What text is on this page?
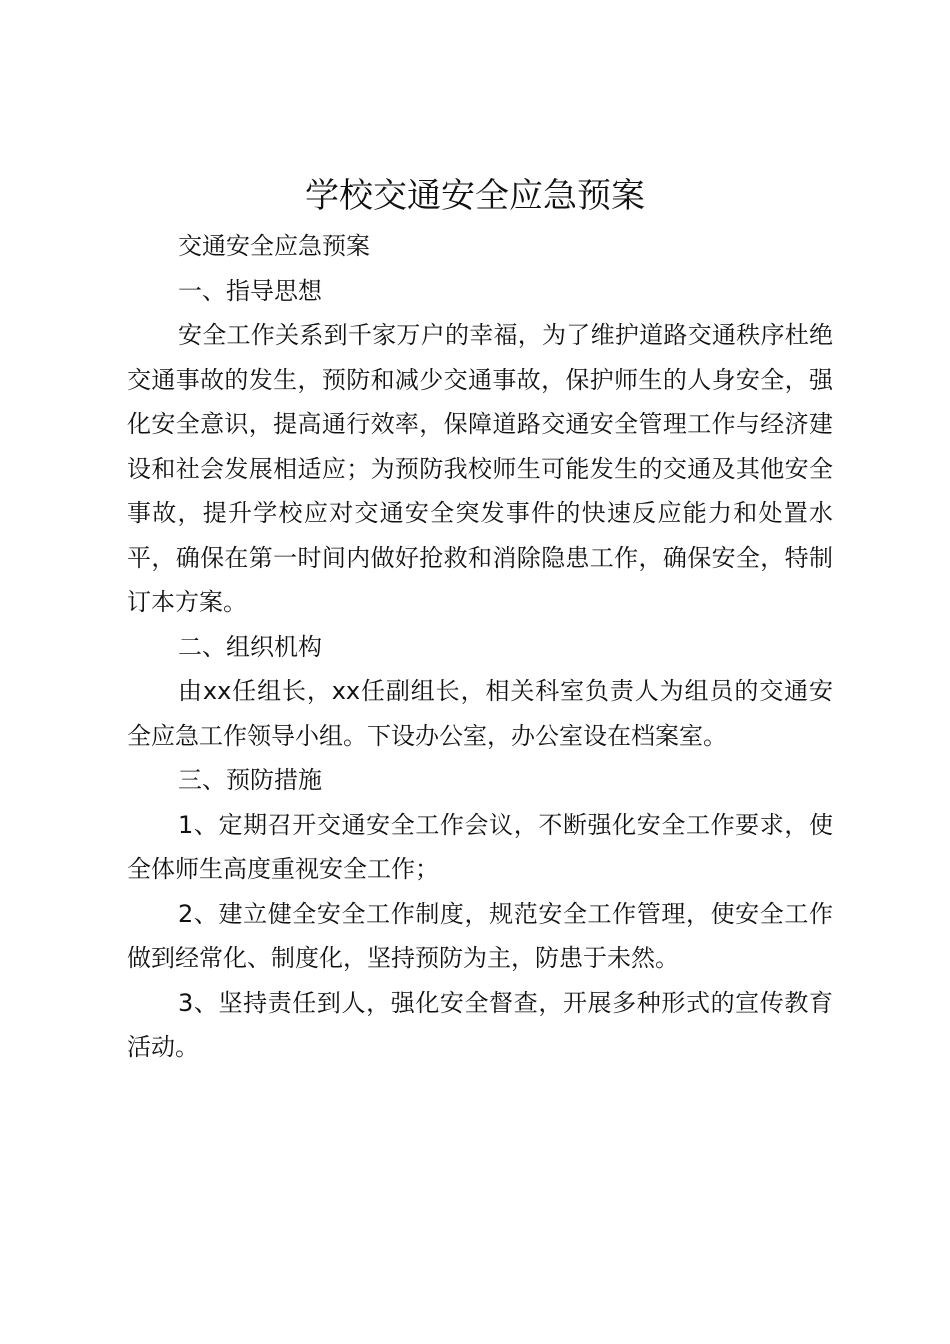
学校交通安全应急预案

交通安全应急预案

一、指导思想

安全工作关系到千家万户的幸福，为了维护道路交通秩序杜绝交通事故的发生，预防和减少交通事故，保护师生的人身安全，强化安全意识，提高通行效率，保障道路交通安全管理工作与经济建设和社会发展相适应；为预防我校师生可能发生的交通及其他安全事故，提升学校应对交通安全突发事件的快速反应能力和处置水平，确保在第一时间内做好抢救和消除隐患工作，确保安全，特制订本方案。

二、组织机构

由xx任组长，xx任副组长，相关科室负责人为组员的交通安全应急工作领导小组。下设办公室，办公室设在档案室。

三、预防措施

1、定期召开交通安全工作会议，不断强化安全工作要求，使全体师生高度重视安全工作；

2、建立健全安全工作制度，规范安全工作管理，使安全工作做到经常化、制度化，坚持预防为主，防患于未然。

3、坚持责任到人，强化安全督查，开展多种形式的宣传教育活动。
